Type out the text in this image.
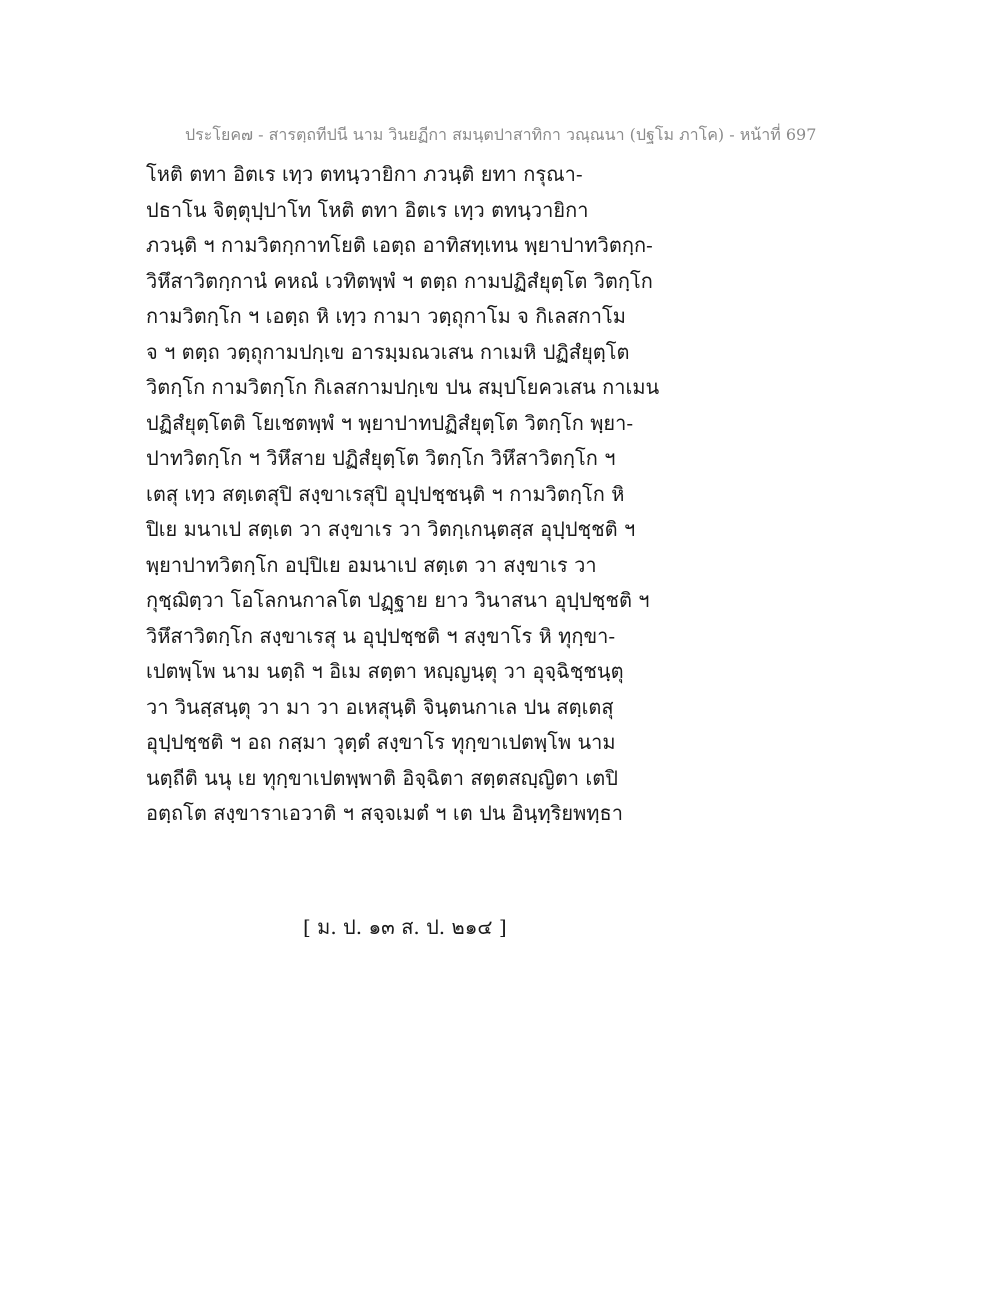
ประโยค๗ - สารตฺถทีปนี นาม วินยฏีกา สมนฺตปาสาทิกา วณฺณนา (ปฐโม ภาโค) - หน้าที่ 697
โหติ ตทา อิตเร เทฺว ตทนฺวายิกา ภวนฺติ ยทา กรุณา-
ปธาโน จิตฺตุปฺปาโท โหติ ตทา อิตเร เทฺว ตทนฺวายิกา
ภวนฺติ ฯ กามวิตกฺกาทโยติ เอตฺถ อาทิสทฺเทน พฺยาปาทวิตกฺก-
วิหึสาวิตกฺกานํ คหณํ เวทิตพฺพํ ฯ ตตฺถ กามปฏิสํยุตฺโต วิตกฺโก
กามวิตกฺโก ฯ เอตฺถ หิ เทฺว กามา วตฺถุกาโม จ กิเลสกาโม
จ ฯ ตตฺถ วตฺถุกามปกฺเข อารมฺมณวเสน กาเมหิ ปฏิสํยุตฺโต
วิตกฺโก กามวิตกฺโก กิเลสกามปกฺเข ปน สมฺปโยควเสน กาเมน
ปฏิสํยุตฺโตติ โยเชตพฺพํ ฯ พฺยาปาทปฏิสํยุตฺโต วิตกฺโก พฺยา-
ปาทวิตกฺโก ฯ วิหึสาย ปฏิสํยุตฺโต วิตกฺโก วิหึสาวิตกฺโก ฯ
เตสุ เทฺว สตฺเตสุปิ สงฺขาเรสุปิ อุปฺปชฺชนฺติ ฯ กามวิตกฺโก หิ
ปิเย มนาเป สตฺเต วา สงฺขาเร วา วิตกฺเกนฺตสฺส อุปฺปชฺชติ ฯ
พฺยาปาทวิตกฺโก อปฺปิเย อมนาเป สตฺเต วา สงฺขาเร วา
กุชฺฌิตฺวา โอโลกนกาลโต ปฏฺฐาย ยาว วินาสนา อุปฺปชฺชติ ฯ
วิหึสาวิตกฺโก สงฺขาเรสุ น อุปฺปชฺชติ ฯ สงฺขาโร หิ ทุกฺขา-
เปตพฺโพ นาม นตฺถิ ฯ อิเม สตฺตา หญฺญนฺตุ วา อุจฺฉิชฺชนฺตุ
วา วินสฺสนฺตุ วา มา วา อเหสุนฺติ จินฺตนกาเล ปน สตฺเตสุ
อุปฺปชฺชติ ฯ อถ กสฺมา วุตฺตํ สงฺขาโร ทุกฺขาเปตพฺโพ นาม
นตฺถีติ นนุ เย ทุกฺขาเปตพฺพาติ อิจฺฉิตา สตฺตสญฺญิตา เตปิ
อตฺถโต สงฺขาราเอวาติ ฯ สจฺจเมตํ ฯ เต ปน อินฺทฺริยพทฺธา
[ ม. ป. ๑๓ ส. ป. ๒๑๔ ]
